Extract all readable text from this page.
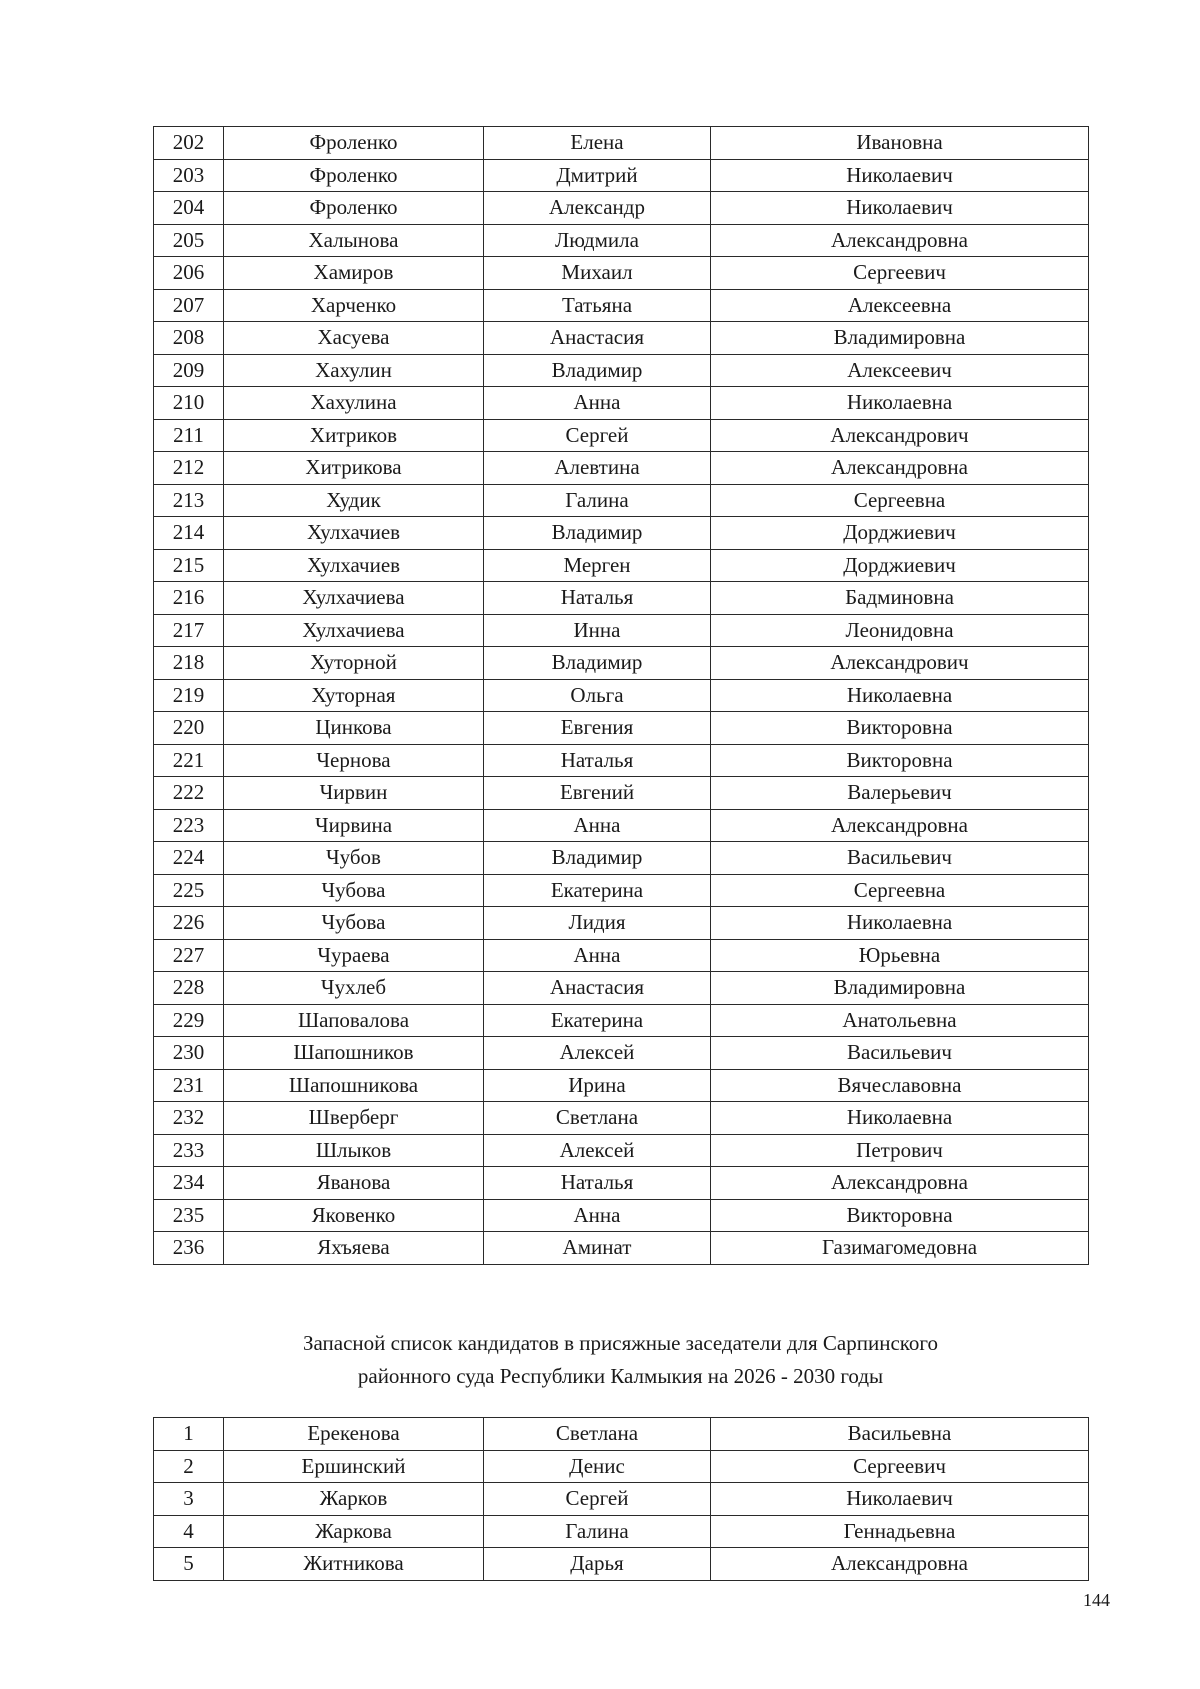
202	Фроленко	Елена	Ивановна
203	Фроленко	Дмитрий	Николаевич
204	Фроленко	Александр	Николаевич
205	Халынова	Людмила	Александровна
206	Хамиров	Михаил	Сергеевич
207	Харченко	Татьяна	Алексеевна
208	Хасуева	Анастасия	Владимировна
209	Хахулин	Владимир	Алексеевич
210	Хахулина	Анна	Николаевна
211	Хитриков	Сергей	Александрович
212	Хитрикова	Алевтина	Александровна
213	Худик	Галина	Сергеевна
214	Хулхачиев	Владимир	Дорджиевич
215	Хулхачиев	Мерген	Дорджиевич
216	Хулхачиева	Наталья	Бадминовна
217	Хулхачиева	Инна	Леонидовна
218	Хуторной	Владимир	Александрович
219	Хуторная	Ольга	Николаевна
220	Цинкова	Евгения	Викторовна
221	Чернова	Наталья	Викторовна
222	Чирвин	Евгений	Валерьевич
223	Чирвина	Анна	Александровна
224	Чубов	Владимир	Васильевич
225	Чубова	Екатерина	Сергеевна
226	Чубова	Лидия	Николаевна
227	Чураева	Анна	Юрьевна
228	Чухлеб	Анастасия	Владимировна
229	Шаповалова	Екатерина	Анатольевна
230	Шапошников	Алексей	Васильевич
231	Шапошникова	Ирина	Вячеславовна
232	Шверберг	Светлана	Николаевна
233	Шлыков	Алексей	Петрович
234	Яванова	Наталья	Александровна
235	Яковенко	Анна	Викторовна
236	Яхъяева	Аминат	Газимагомедовна
Запасной список кандидатов в присяжные заседатели для Сарпинского
районного суда Республики Калмыкия на 2026 - 2030 годы
1	Ерекенова	Светлана	Васильевна
2	Ершинский	Денис	Сергеевич
3	Жарков	Сергей	Николаевич
4	Жаркова	Галина	Геннадьевна
5	Житникова	Дарья	Александровна
144
